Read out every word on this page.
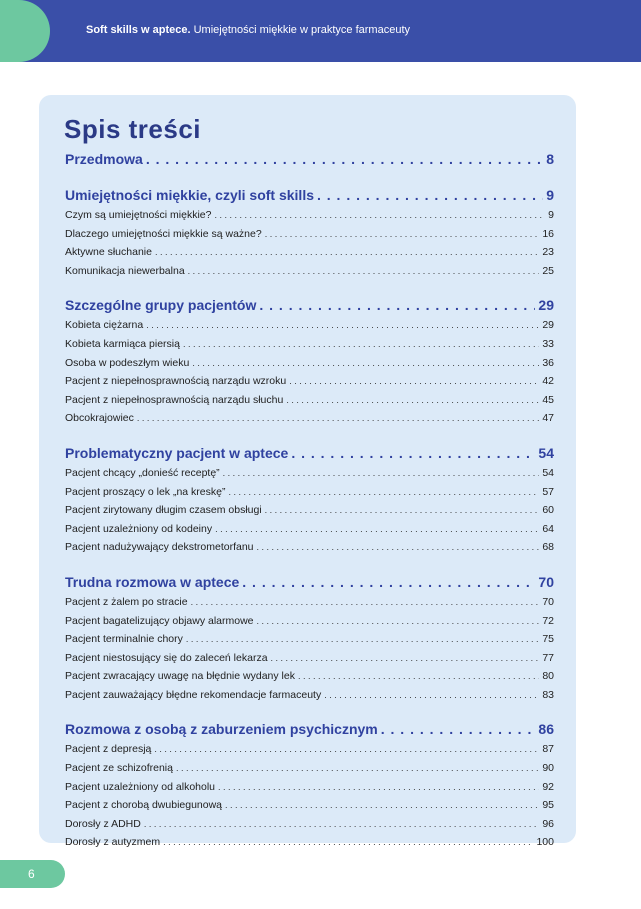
Soft skills w aptece. Umiejętności miękkie w praktyce farmaceuty
Spis treści
Przedmowa . . .	8
Umiejętności miękkie, czyli soft skills . . .	9
Czym są umiejętności miękkie? . . .	9
Dlaczego umiejętności miękkie są ważne? . . .	16
Aktywne słuchanie . . .	23
Komunikacja niewerbalna . . .	25
Szczególne grupy pacjentów . . .	29
Kobieta ciężarna . . .	29
Kobieta karmiąca piersią . . .	33
Osoba w podeszłym wieku . . .	36
Pacjent z niepełnosprawnością narządu wzroku . . .	42
Pacjent z niepełnosprawnością narządu słuchu . . .	45
Obcokrajowiec . . .	47
Problematyczny pacjent w aptece . . .	54
Pacjent chcący „donieść receptę” . . .	54
Pacjent proszący o lek „na kreskę” . . .	57
Pacjent zirytowany długim czasem obsługi . . .	60
Pacjent uzależniony od kodeiny . . .	64
Pacjent nadużywający dekstrometorfanu . . .	68
Trudna rozmowa w aptece . . .	70
Pacjent z żalem po stracie . . .	70
Pacjent bagatelizujący objawy alarmowe . . .	72
Pacjent terminalnie chory . . .	75
Pacjent niestosujący się do zaleceń lekarza . . .	77
Pacjent zwracający uwagę na błędnie wydany lek . . .	80
Pacjent zauważający błędne rekomendacje farmaceuty . . .	83
Rozmowa z osobą z zaburzeniem psychicznym . . .	86
Pacjent z depresją . . .	87
Pacjent ze schizofrenią . . .	90
Pacjent uzależniony od alkoholu . . .	92
Pacjent z chorobą dwubiegunową . . .	95
Dorosły z ADHD . . .	96
Dorosły z autyzmem . . .	100
6
